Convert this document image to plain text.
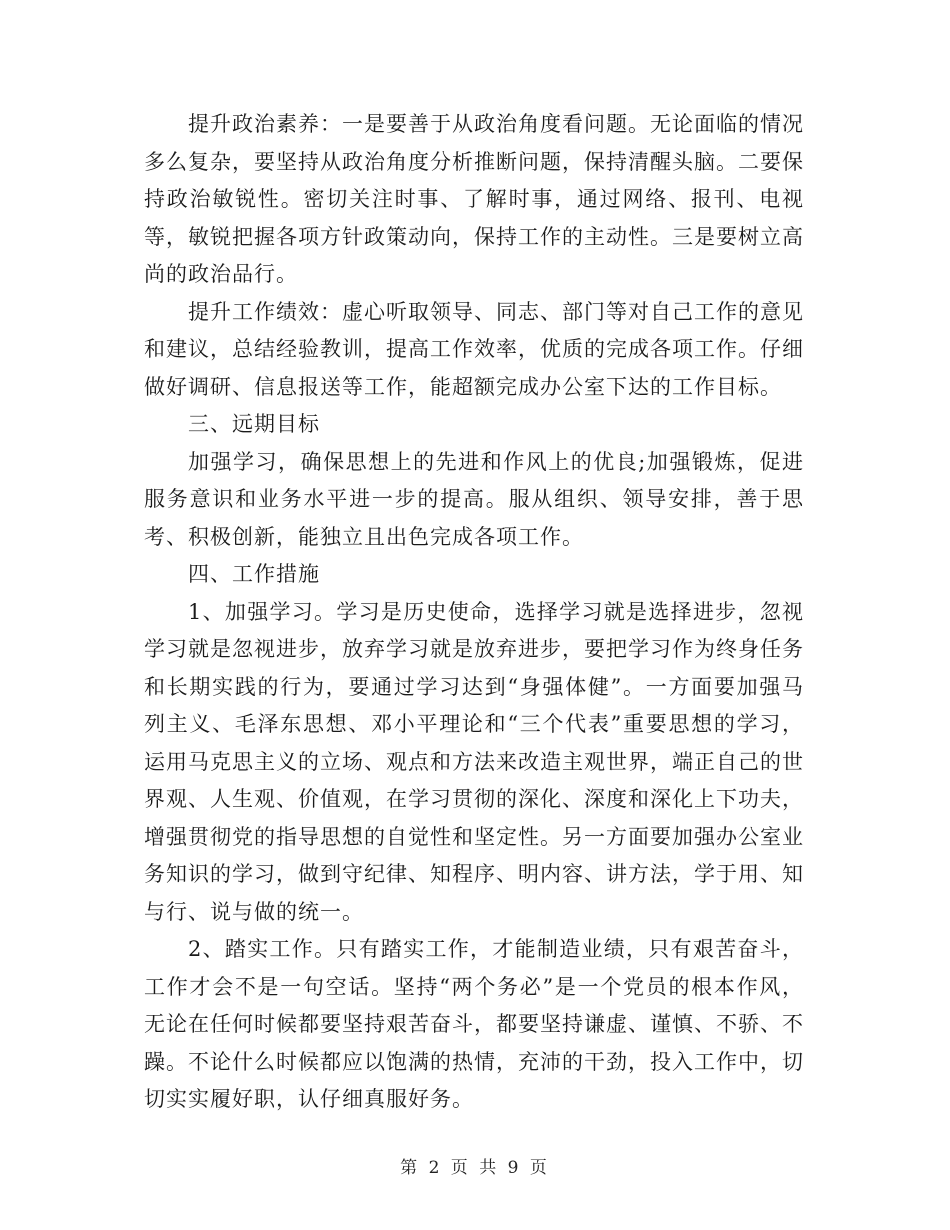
提升政治素养：一是要善于从政治角度看问题。无论面临的情况多么复杂，要坚持从政治角度分析推断问题，保持清醒头脑。二要保持政治敏锐性。密切关注时事、了解时事，通过网络、报刊、电视等，敏锐把握各项方针政策动向，保持工作的主动性。三是要树立高尚的政治品行。

提升工作绩效：虚心听取领导、同志、部门等对自己工作的意见和建议，总结经验教训，提高工作效率，优质的完成各项工作。仔细做好调研、信息报送等工作，能超额完成办公室下达的工作目标。

三、远期目标

加强学习，确保思想上的先进和作风上的优良;加强锻炼，促进服务意识和业务水平进一步的提高。服从组织、领导安排，善于思考、积极创新，能独立且出色完成各项工作。

四、工作措施

1、加强学习。学习是历史使命，选择学习就是选择进步，忽视学习就是忽视进步，放弃学习就是放弃进步，要把学习作为终身任务和长期实践的行为，要通过学习达到“身强体健”。一方面要加强马列主义、毛泽东思想、邓小平理论和“三个代表”重要思想的学习，运用马克思主义的立场、观点和方法来改造主观世界，端正自己的世界观、人生观、价值观，在学习贯彻的深化、深度和深化上下功夫，增强贯彻党的指导思想的自觉性和坚定性。另一方面要加强办公室业务知识的学习，做到守纪律、知程序、明内容、讲方法，学于用、知与行、说与做的统一。

2、踏实工作。只有踏实工作，才能制造业绩，只有艰苦奋斗，工作才会不是一句空话。坚持“两个务必”是一个党员的根本作风，无论在任何时候都要坚持艰苦奋斗，都要坚持谦虚、谨慎、不骄、不躁。不论什么时候都应以饱满的热情，充沛的干劲，投入工作中，切切实实履好职，认仔细真服好务。

第 2 页 共 9 页
